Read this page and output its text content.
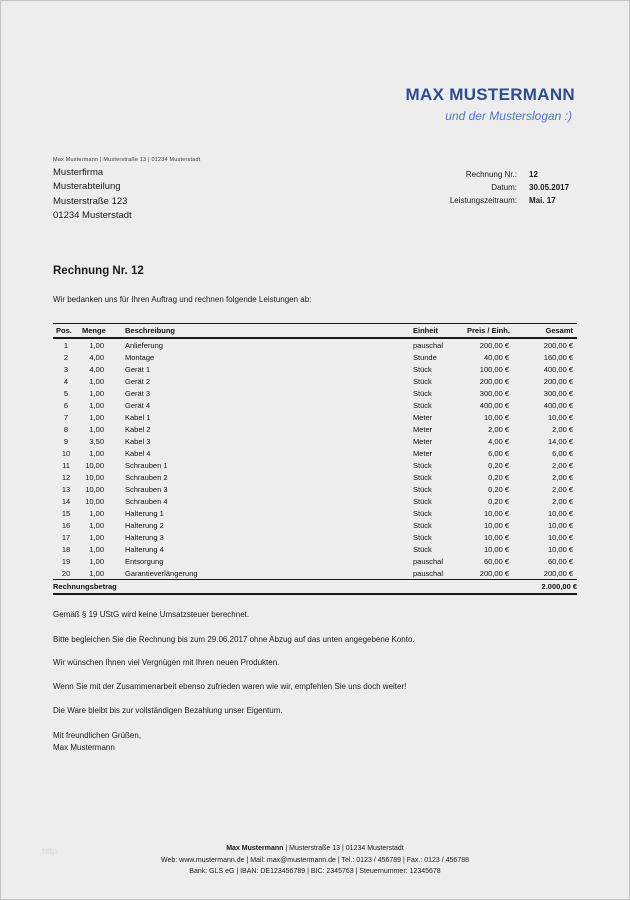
MAX MUSTERMANN
und der Musterslogan :)
Max Mustermann | Musterstraße 13 | 01234 Musterstadt
Musterfirma
Musterabteilung
Musterstraße 123
01234 Musterstadt
Rechnung Nr.:	12
Datum:	30.05.2017
Leistungszeitraum:	Mai. 17
Rechnung Nr. 12
Wir bedanken uns für Ihren Auftrag und rechnen folgende Leistungen ab:
Pos.	Menge	Beschreibung	Einheit	Preis / Einh.	Gesamt
1	1,00	Anlieferung	pauschal	200,00 €	200,00 €
2	4,00	Montage	Stunde	40,00 €	160,00 €
3	4,00	Gerät 1	Stück	100,00 €	400,00 €
4	1,00	Gerät 2	Stück	200,00 €	200,00 €
5	1,00	Gerät 3	Stück	300,00 €	300,00 €
6	1,00	Gerät 4	Stück	400,00 €	400,00 €
7	1,00	Kabel 1	Meter	10,00 €	10,00 €
8	1,00	Kabel 2	Meter	2,00 €	2,00 €
9	3,50	Kabel 3	Meter	4,00 €	14,00 €
10	1,00	Kabel 4	Meter	6,00 €	6,00 €
11	10,00	Schrauben 1	Stück	0,20 €	2,00 €
12	10,00	Schrauben 2	Stück	0,20 €	2,00 €
13	10,00	Schrauben 3	Stück	0,20 €	2,00 €
14	10,00	Schrauben 4	Stück	0,20 €	2,00 €
15	1,00	Halterung 1	Stück	10,00 €	10,00 €
16	1,00	Halterung 2	Stück	10,00 €	10,00 €
17	1,00	Halterung 3	Stück	10,00 €	10,00 €
18	1,00	Halterung 4	Stück	10,00 €	10,00 €
19	1,00	Entsorgung	pauschal	60,00 €	60,00 €
20	1,00	Garantieverlängerung	pauschal	200,00 €	200,00 €
Rechnungsbetrag					2.000,00 €
Gemäß § 19 UStG wird keine Umsatzsteuer berechnet.
Bitte begleichen Sie die Rechnung bis zum 29.06.2017 ohne Abzug auf das unten angegebene Konto.
Wir wünschen Ihnen viel Vergnügen mit Ihren neuen Produkten.
Wenn Sie mit der Zusammenarbeit ebenso zufrieden waren wie wir, empfehlen Sie uns doch weiter!
Die Ware bleibt bis zur vollständigen Bezahlung unser Eigentum.
Mit freundlichen Grüßen,
Max Mustermann
Max Mustermann | Musterstraße 13 | 01234 Musterstadt
Web: www.mustermann.de | Mail: max@mustermann.de | Tel.: 0123 / 456789 | Fax.: 0123 / 456788
Bank: GLS eG | IBAN: DE123456789 | BIC: 2345763 | Steuernummer: 12345678
http
